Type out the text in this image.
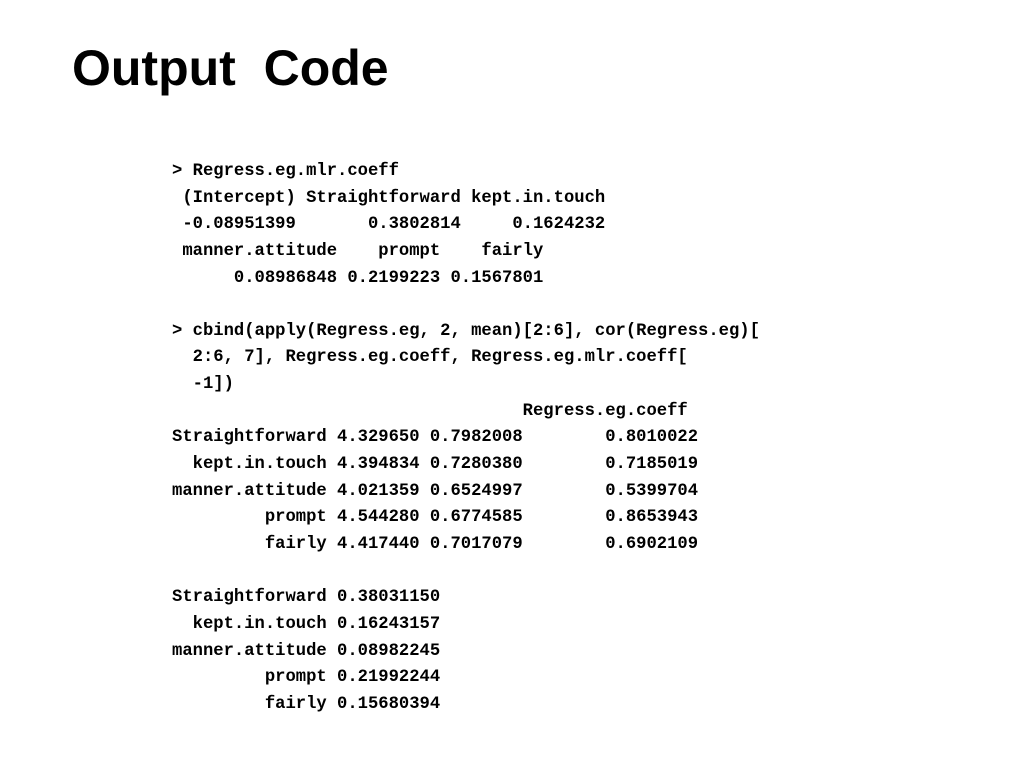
Output  Code
> Regress.eg.mlr.coeff
(Intercept) Straightforward kept.in.touch
-0.08951399       0.3802814     0.1624232
manner.attitude    prompt    fairly
0.08986848 0.2199223 0.1567801
> cbind(apply(Regress.eg, 2, mean)[2:6], cor(Regress.eg)[
2:6, 7], Regress.eg.coeff, Regress.eg.mlr.coeff[
-1])
Regress.eg.coeff
Straightforward 4.329650 0.7982008        0.8010022
kept.in.touch 4.394834 0.7280380        0.7185019
manner.attitude 4.021359 0.6524997        0.5399704
prompt 4.544280 0.6774585        0.8653943
fairly 4.417440 0.7017079        0.6902109
Straightforward 0.38031150
kept.in.touch 0.16243157
manner.attitude 0.08982245
prompt 0.21992244
fairly 0.15680394
